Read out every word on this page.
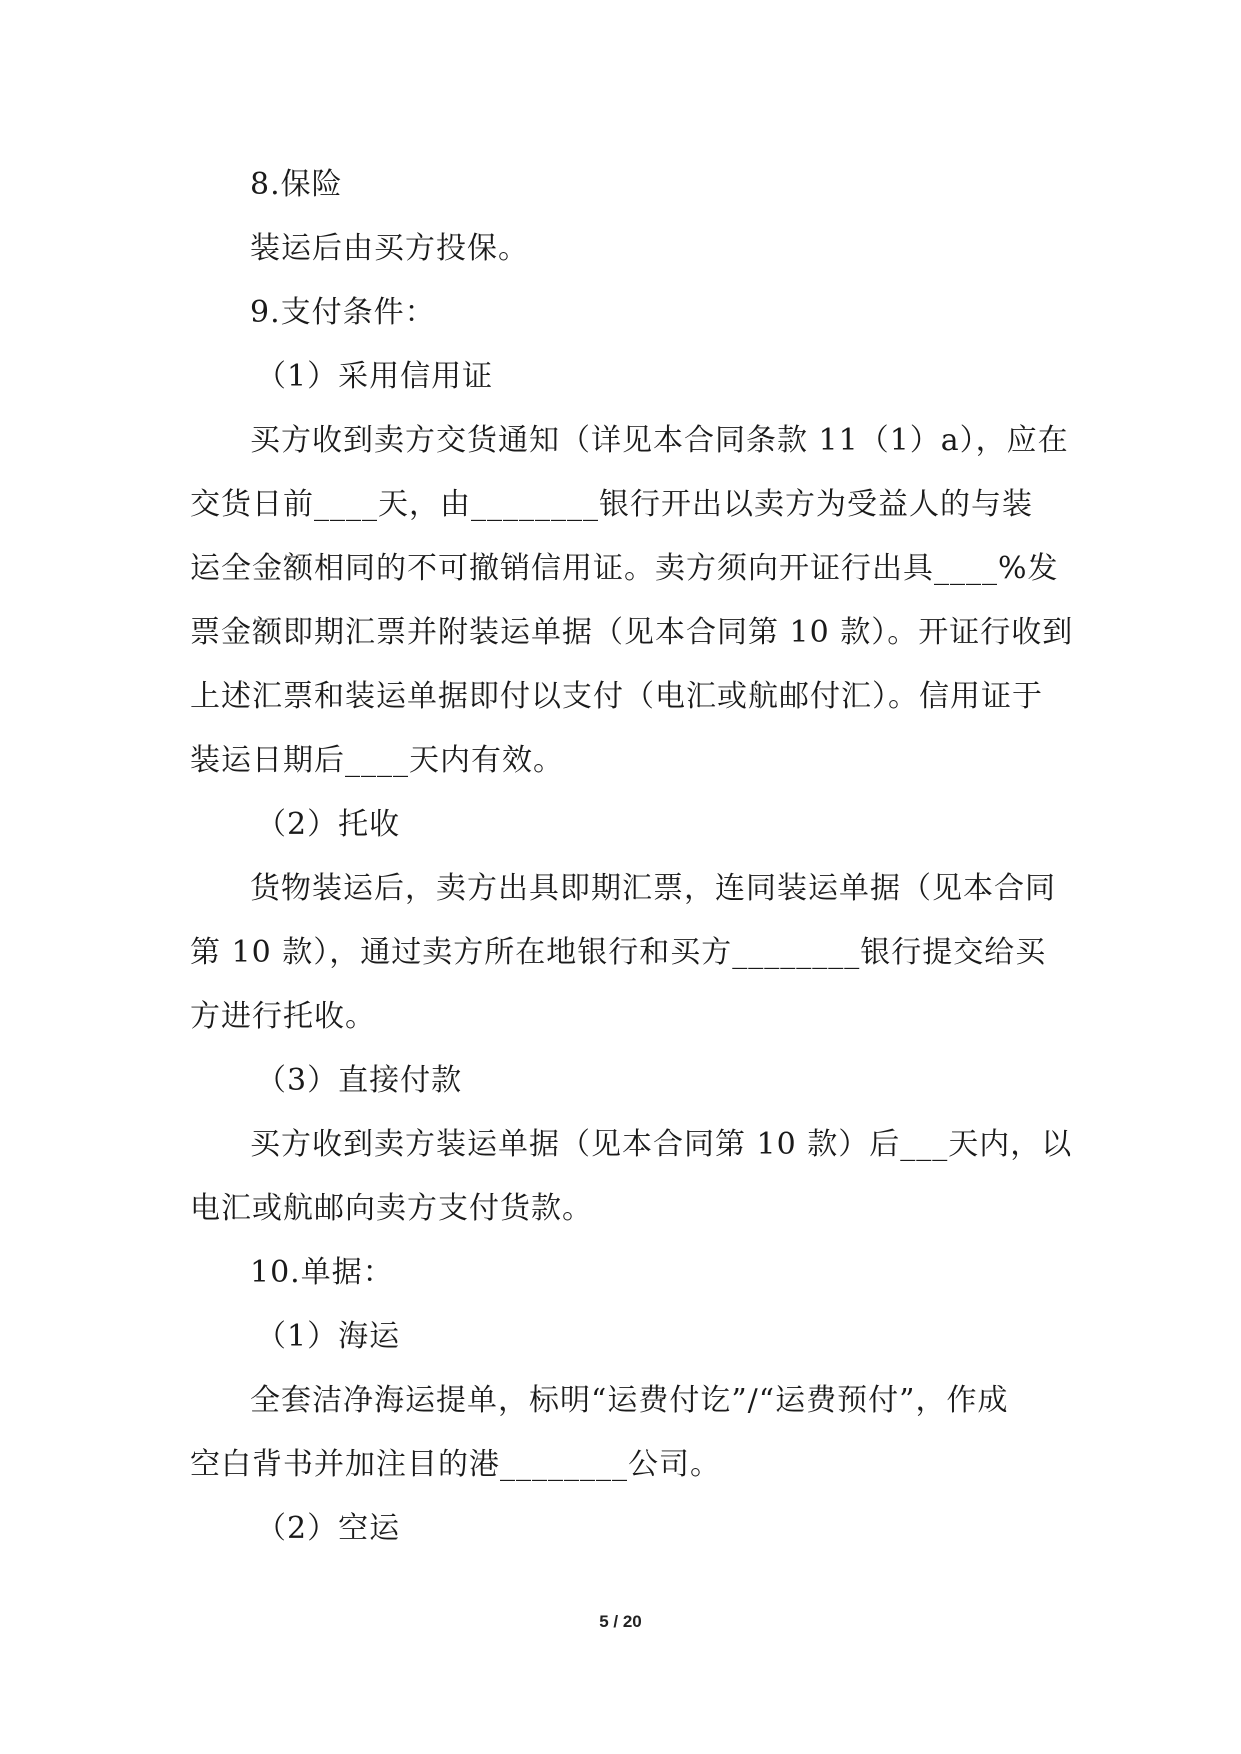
8.保险
装运后由买方投保。
9.支付条件：
（1）采用信用证
买方收到卖方交货通知（详见本合同条款 11（1）a），应在
交货日前____天，由________银行开出以卖方为受益人的与装
运全金额相同的不可撤销信用证。卖方须向开证行出具____%发
票金额即期汇票并附装运单据（见本合同第 10 款）。开证行收到
上述汇票和装运单据即付以支付（电汇或航邮付汇）。信用证于
装运日期后____天内有效。
（2）托收
货物装运后，卖方出具即期汇票，连同装运单据（见本合同
第 10 款），通过卖方所在地银行和买方________银行提交给买
方进行托收。
（3）直接付款
买方收到卖方装运单据（见本合同第 10 款）后___天内，以
电汇或航邮向卖方支付货款。
10.单据：
（1）海运
全套洁净海运提单，标明“运费付讫”/“运费预付”，作成
空白背书并加注目的港________公司。
（2）空运
5 / 20
